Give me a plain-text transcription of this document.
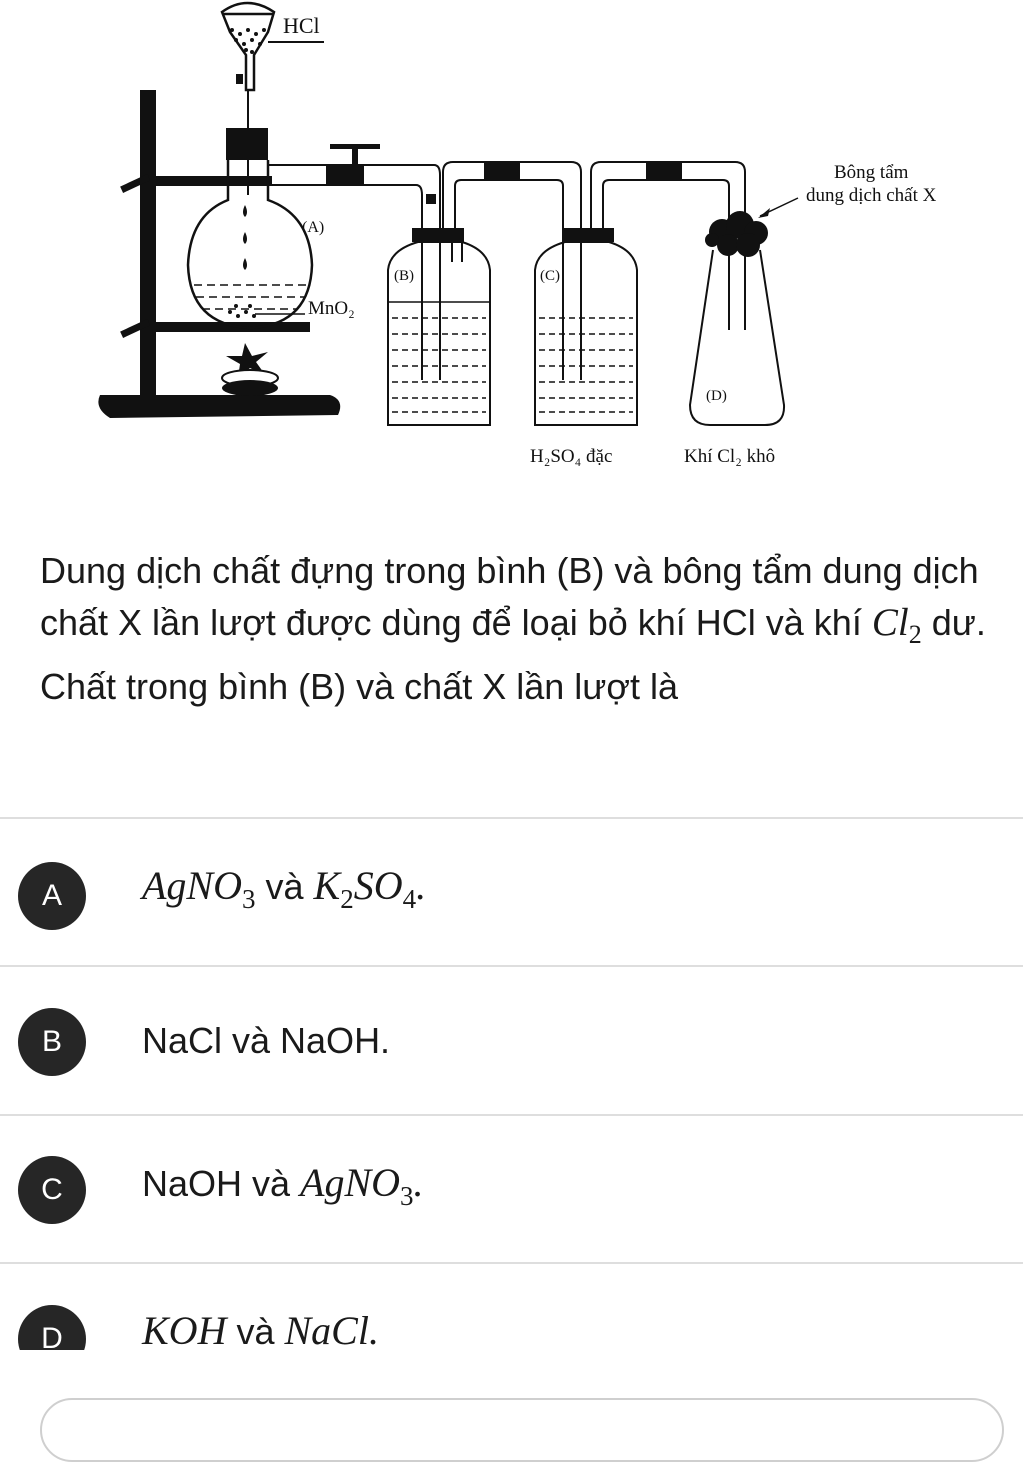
HCl
(A)
MnO₂
(B)	(C)
(D)
Bông tẩm
dung dịch chất X
H₂SO₄ đặc	Khí Cl₂ khô
Dung dịch chất đựng trong bình (B) và bông tẩm dung dịch chất X lần lượt được dùng để loại bỏ khí HCl và khí $Cl_2$ dư. Chất trong bình (B) và chất X lần lượt là
A	AgNO$_3$ và $K_2SO_4$.
B	NaCl và NaOH.
C	NaOH và AgNO$_3$.
D	KOH và NaCl.
